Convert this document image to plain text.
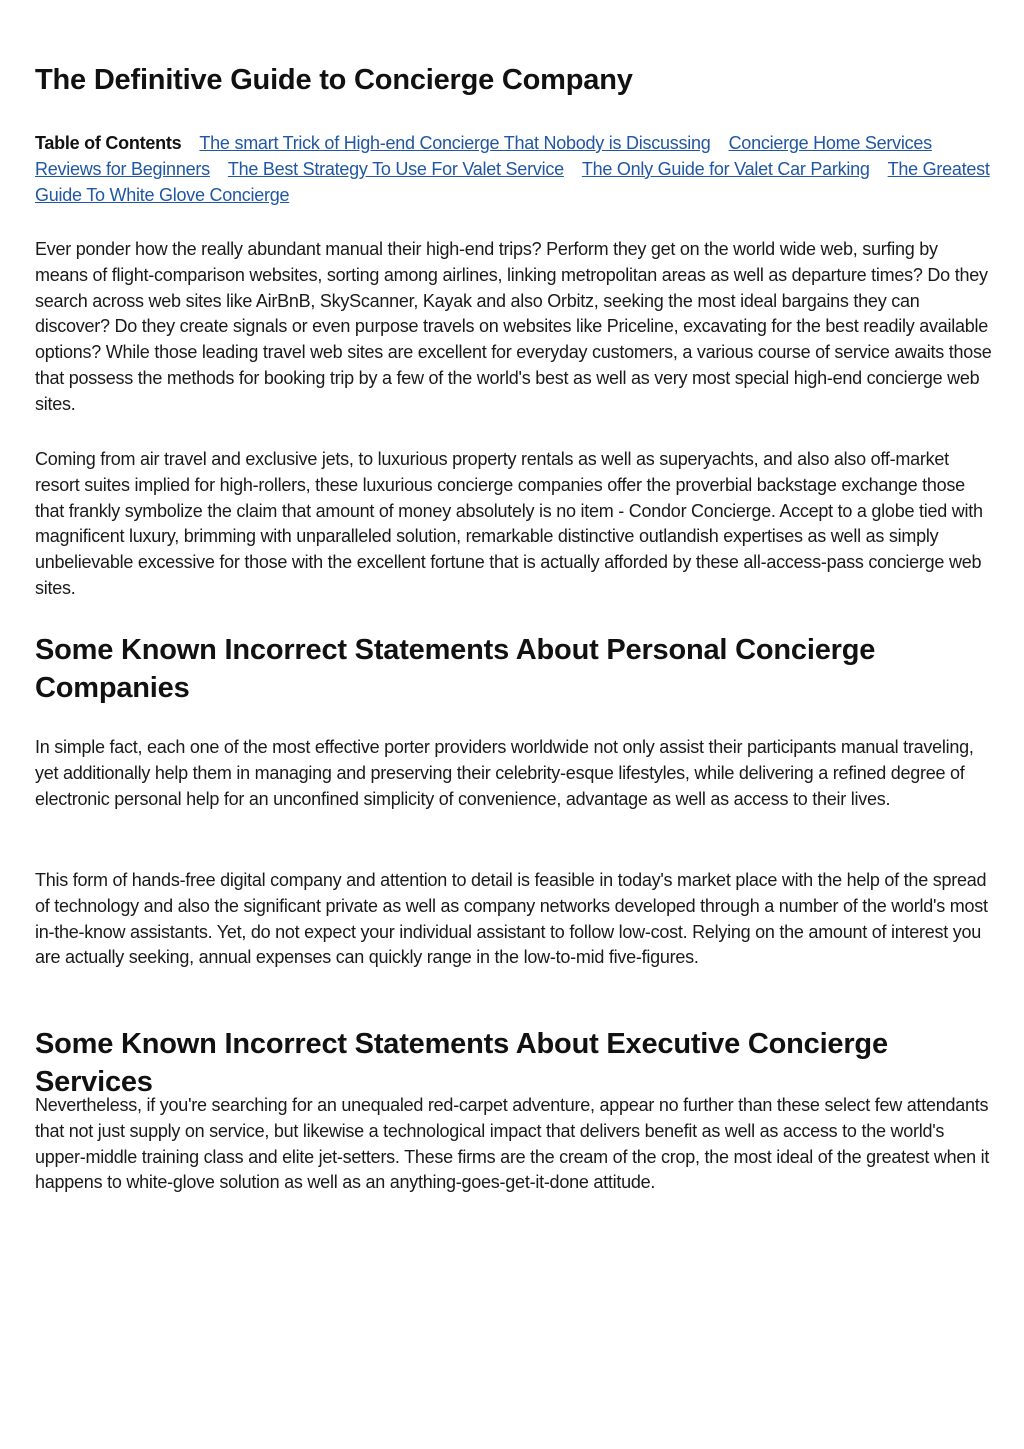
The Definitive Guide to Concierge Company
Table of Contents The smart Trick of High-end Concierge That Nobody is Discussing Concierge Home Services Reviews for Beginners The Best Strategy To Use For Valet Service The Only Guide for Valet Car Parking The Greatest Guide To White Glove Concierge

Ever ponder how the really abundant manual their high-end trips? Perform they get on the world wide web, surfing by means of flight-comparison websites, sorting among airlines, linking metropolitan areas as well as departure times? Do they search across web sites like AirBnB, SkyScanner, Kayak and also Orbitz, seeking the most ideal bargains they can discover? Do they create signals or even purpose travels on websites like Priceline, excavating for the best readily available options? While those leading travel web sites are excellent for everyday customers, a various course of service awaits those that possess the methods for booking trip by a few of the world's best as well as very most special high-end concierge web sites.

Coming from air travel and exclusive jets, to luxurious property rentals as well as superyachts, and also also off-market resort suites implied for high-rollers, these luxurious concierge companies offer the proverbial backstage exchange those that frankly symbolize the claim that amount of money absolutely is no item - Condor Concierge. Accept to a globe tied with magnificent luxury, brimming with unparalleled solution, remarkable distinctive outlandish expertises as well as simply unbelievable excessive for those with the excellent fortune that is actually afforded by these all-access-pass concierge web sites.

Some Known Incorrect Statements About Personal Concierge Companies

In simple fact, each one of the most effective porter providers worldwide not only assist their participants manual traveling, yet additionally help them in managing and preserving their celebrity-esque lifestyles, while delivering a refined degree of electronic personal help for an unconfined simplicity of convenience, advantage as well as access to their lives.

This form of hands-free digital company and attention to detail is feasible in today's market place with the help of the spread of technology and also the significant private as well as company networks developed through a number of the world's most in-the-know assistants. Yet, do not expect your individual assistant to follow low-cost. Relying on the amount of interest you are actually seeking, annual expenses can quickly range in the low-to-mid five-figures.

Some Known Incorrect Statements About Executive Concierge Services

Nevertheless, if you're searching for an unequaled red-carpet adventure, appear no further than these select few attendants that not just supply on service, but likewise a technological impact that delivers benefit as well as access to the world's upper-middle training class and elite jet-setters. These firms are the cream of the crop, the most ideal of the greatest when it happens to white-glove solution as well as an anything-goes-get-it-done attitude.
